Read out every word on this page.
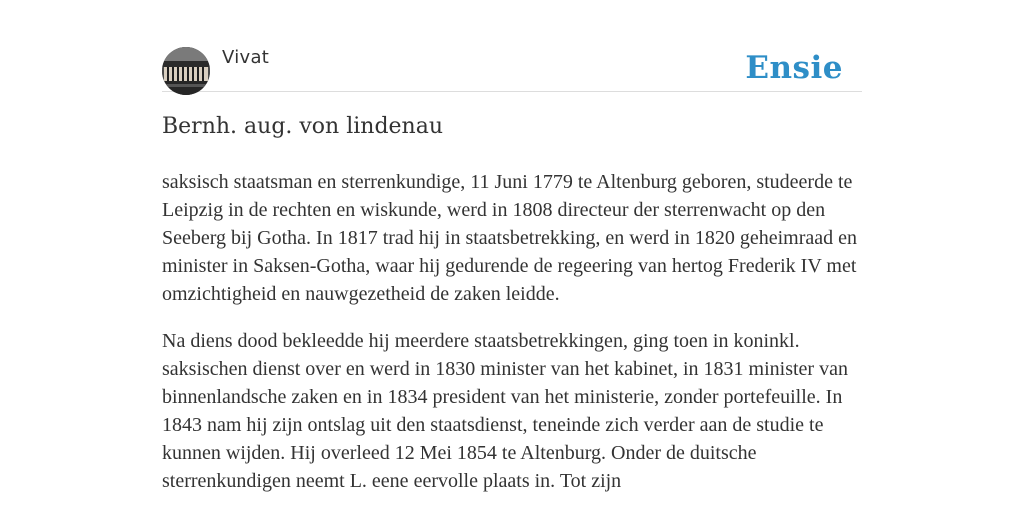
Vivat	Ensie
Bernh. aug. von lindenau

saksisch staatsman en sterrenkundige, 11 Juni 1779 te Altenburg geboren, studeerde te Leipzig in de rechten en wiskunde, werd in 1808 directeur der sterrenwacht op den Seeberg bij Gotha. In 1817 trad hij in staatsbetrekking, en werd in 1820 geheimraad en minister in Saksen-Gotha, waar hij gedurende de regeering van hertog Frederik IV met omzichtigheid en nauwgezetheid de zaken leidde.

Na diens dood bekleedde hij meerdere staatsbetrekkingen, ging toen in koninkl. saksischen dienst over en werd in 1830 minister van het kabinet, in 1831 minister van binnenlandsche zaken en in 1834 president van het ministerie, zonder portefeuille. In 1843 nam hij zijn ontslag uit den staatsdienst, teneinde zich verder aan de studie te kunnen wijden. Hij overleed 12 Mei 1854 te Altenburg. Onder de duitsche sterrenkundigen neemt L. eene eervolle plaats in. Tot zijn
